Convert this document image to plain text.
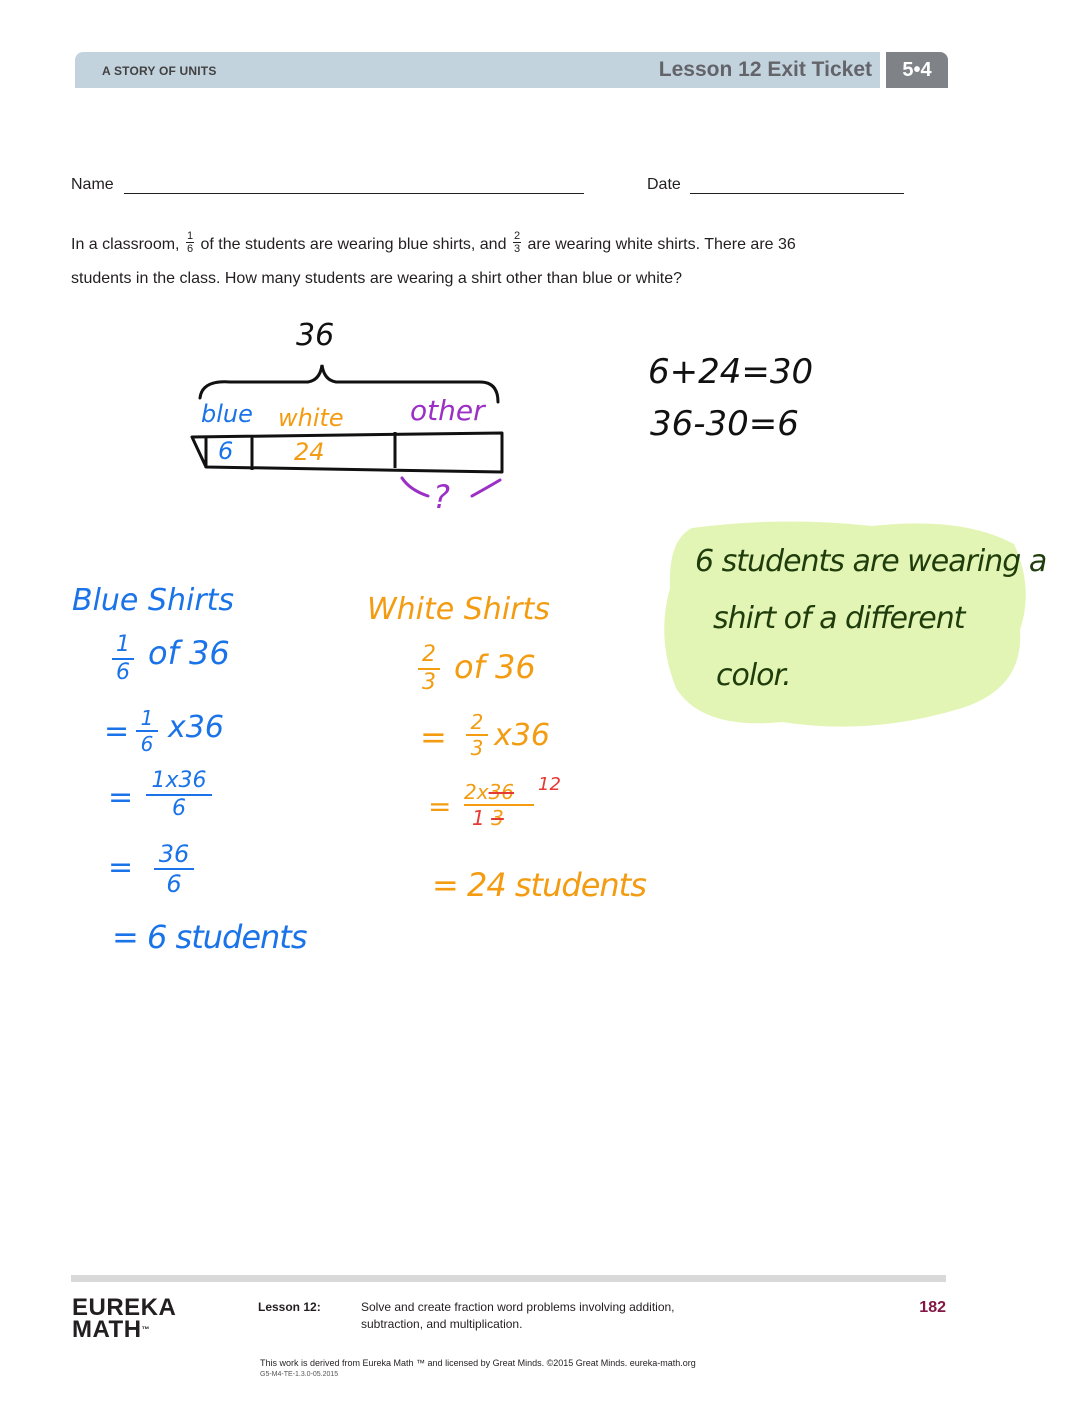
A STORY OF UNITS	Lesson 12 Exit Ticket	5•4
Name	Date
In a classroom, $\frac{1}{6}$ of the students are wearing blue shirts, and $\frac{2}{3}$ are wearing white shirts. There are 36
students in the class. How many students are wearing a shirt other than blue or white?
36
blue
6
white
24
other
?
6+24=30
36-30=6
6 students are wearing a
shirt of a different
color.
Blue Shirts
1
6
of 36
= 1
6 x36
= 1x36
6
= 36
6
= 6 students
White Shirts
2
3 of 36
= 2
3 x36
= 2x36
1 3
12
= 24 students
EUREKA
MATH™
Lesson 12:	Solve and create fraction word problems involving addition,
subtraction, and multiplication.
182
This work is derived from Eureka Math ™ and licensed by Great Minds. ©2015 Great Minds. eureka-math.org
G5-M4-TE-1.3.0-05.2015
